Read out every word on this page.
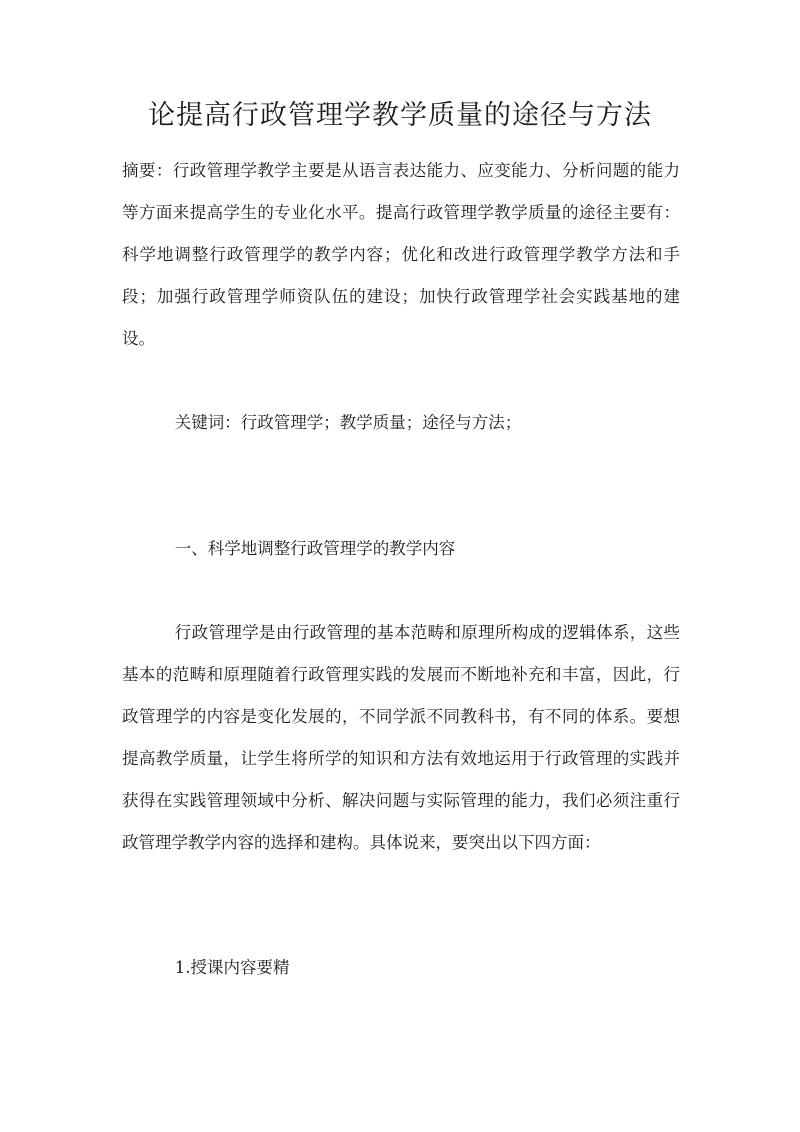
论提高行政管理学教学质量的途径与方法

摘要：行政管理学教学主要是从语言表达能力、应变能力、分析问题的能力等方面来提高学生的专业化水平。提高行政管理学教学质量的途径主要有：科学地调整行政管理学的教学内容；优化和改进行政管理学教学方法和手段；加强行政管理学师资队伍的建设；加快行政管理学社会实践基地的建设。

关键词：行政管理学；教学质量；途径与方法；

一、科学地调整行政管理学的教学内容

行政管理学是由行政管理的基本范畴和原理所构成的逻辑体系，这些基本的范畴和原理随着行政管理实践的发展而不断地补充和丰富，因此，行政管理学的内容是变化发展的，不同学派不同教科书，有不同的体系。要想提高教学质量，让学生将所学的知识和方法有效地运用于行政管理的实践并获得在实践管理领域中分析、解决问题与实际管理的能力，我们必须注重行政管理学教学内容的选择和建构。具体说来，要突出以下四方面：

1.授课内容要精
